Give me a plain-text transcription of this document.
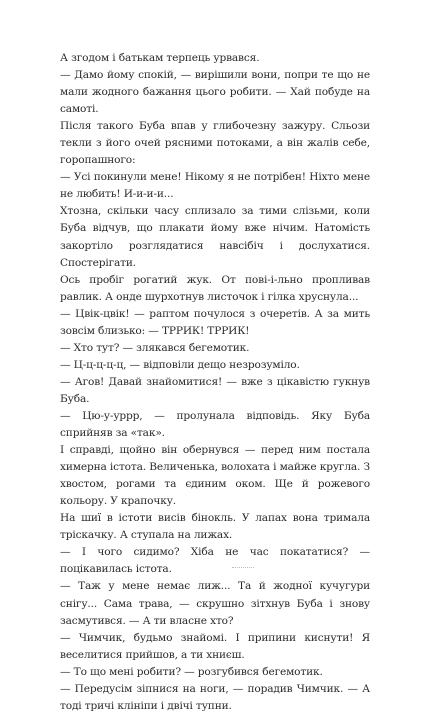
А згодом і батькам терпець урвався.

— Дамо йому спокій, — вирішили вони, попри те що не мали жодного бажання цього робити. — Хай побуде на самоті.

Після такого Буба впав у глибочезну зажуру. Сльози текли з його очей рясними потоками, а він жалів себе, горопашного:

— Усі покинули мене! Нікому я не потрібен! Ніхто мене не любить! И-и-и-и...

Хтозна, скільки часу сплизало за тими слізьми, коли Буба відчув, що плакати йому вже нічим. Натомість закортіло розглядатися навсібіч і дослухатися. Спостерігати.

Ось пробіг рогатий жук. От пові-і-льно пропливав равлик. А онде шурхотнув листочок і гілка хруснула...

— Цвік-цвік! — раптом почулося з очеретів. А за мить зовсім близько: — ТРРИК! ТРРИК!

— Хто тут? — злякався бегемотик.

— Ц-ц-ц-ц-ц, — відповіли дещо незрозуміло.

— Агов! Давай знайомитися! — вже з цікавістю гукнув Буба.

— Цю-у-уррр, — пролунала відповідь. Яку Буба сприйняв за «так».

І справді, щойно він обернувся — перед ним постала химерна істота. Величенька, волохата і майже кругла. З хвостом, рогами та єдиним оком. Ще й рожевого кольору. У крапочку.

На шиї в істоти висів бінокль. У лапах вона тримала тріскачку. А ступала на лижах.

— І чого сидимо? Хіба не час покататися? — поцікавилась істота.

— Таж у мене немає лиж... Та й жодної кучугури снігу... Сама трава, — скрушно зітхнув Буба і знову засмутився. — А ти власне хто?

— Чимчик, будьмо знайомі. І припини киснути! Я веселитися прийшов, а ти хниєш.

— То що мені робити? — розгубився бегемотик.

— Передусім зіпнися на ноги, — порадив Чимчик. — А тоді тричі клініпи і двічі тупни.
